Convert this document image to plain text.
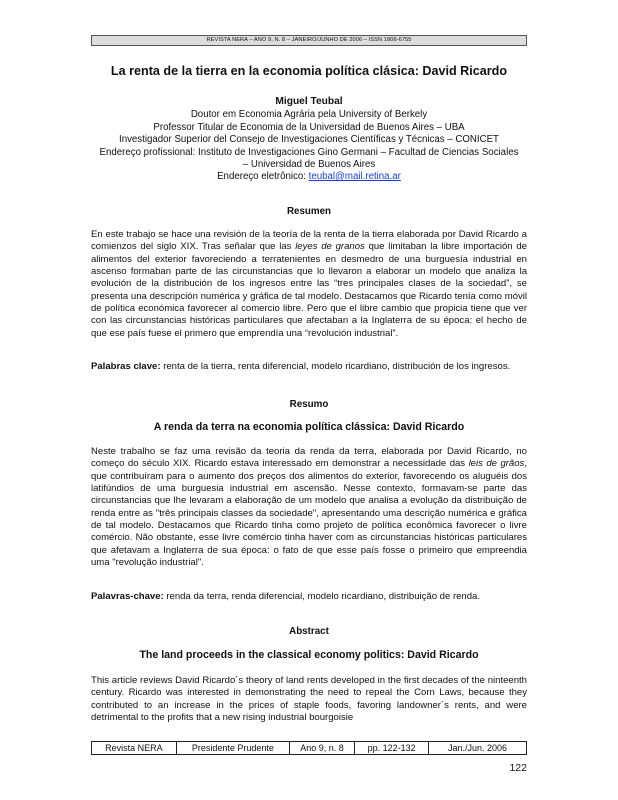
REVISTA NERA – ANO 9, N. 8 – JANEIRO/JUNHO DE 2006 – ISSN 1806-6755
La renta de la tierra en la economia política clásica: David Ricardo
Miguel Teubal
Doutor em Economia Agrária pela University of Berkely
Professor Titular de Economia de la Universidad de Buenos Aires – UBA
Investigador Superior del Consejo de Investigaciones Científicas y Técnicas – CONICET
Endereço profissional: Instituto de Investigaciones Gino Germani – Facultad de Ciencias Sociales – Universidad de Buenos Aires
Endereço eletrônico: teubal@mail.retina.ar
Resumen

En este trabajo se hace una revisión de la teoría de la renta de la tierra elaborada por David Ricardo a comienzos del siglo XIX. Tras señalar que las leyes de granos que limitaban la libre importación de alimentos del exterior favoreciendo a terratenientes en desmedro de una burguesía industrial en ascenso formaban parte de las circunstancias que lo llevaron a elaborar un modelo que analiza la evolución de la distribución de los ingresos entre las “tres principales clases de la sociedad”, se presenta una descripción numérica y gráfica de tal modelo. Destacamos que Ricardo tenía como móvil de política económica favorecer al comercio libre. Pero que el libre cambio que propicia tiene que ver con las circunstancias históricas particulares que afectaban a la Inglaterra de su época: el hecho de que ese país fuese el primero que emprendía una “revolución industrial”.

Palabras clave: renta de la tierra, renta diferencial, modelo ricardiano, distribución de los ingresos.

Resumo
A renda da terra na economia política clássica: David Ricardo

Neste trabalho se faz uma revisão da teoria da renda da terra, elaborada por David Ricardo, no começo do século XIX. Ricardo estava interessado em demonstrar a necessidade das leis de grãos, que contribuíram para o aumento dos preços dos alimentos do exterior, favorecendo os aluguéis dos latifúndios de uma burguesia industrial em ascensão. Nesse contexto, formavam-se parte das circunstancias que lhe levaram a elaboração de um modelo que analisa a evolução da distribuição de renda entre as "três principais classes da sociedade", apresentando uma descrição numérica e gráfica de tal modelo. Destacamos que Ricardo tinha como projeto de política econômica favorecer o livre comércio. Não obstante, esse livre comércio tinha haver com as circunstancias históricas particulares que afetavam a Inglaterra de sua época: o fato de que esse país fosse o primeiro que empreendia uma "revolução industrial".

Palavras-chave: renda da terra, renda diferencial, modelo ricardiano, distribuição de renda.

Abstract
The land proceeds in the classical economy politics: David Ricardo

This article reviews David Ricardo´s theory of land rents developed in the first decades of the ninteenth century. Ricardo was interested in demonstrating the need to repeal the Corn Laws, because they contributed to an increase in the prices of staple foods, favoring landowner´s rents, and were detrimental to the profits that a new rising industrial bourgoisie

Revista NERA	Presidente Prudente	Ano 9, n. 8	pp. 122-132	Jan./Jun. 2006
122
